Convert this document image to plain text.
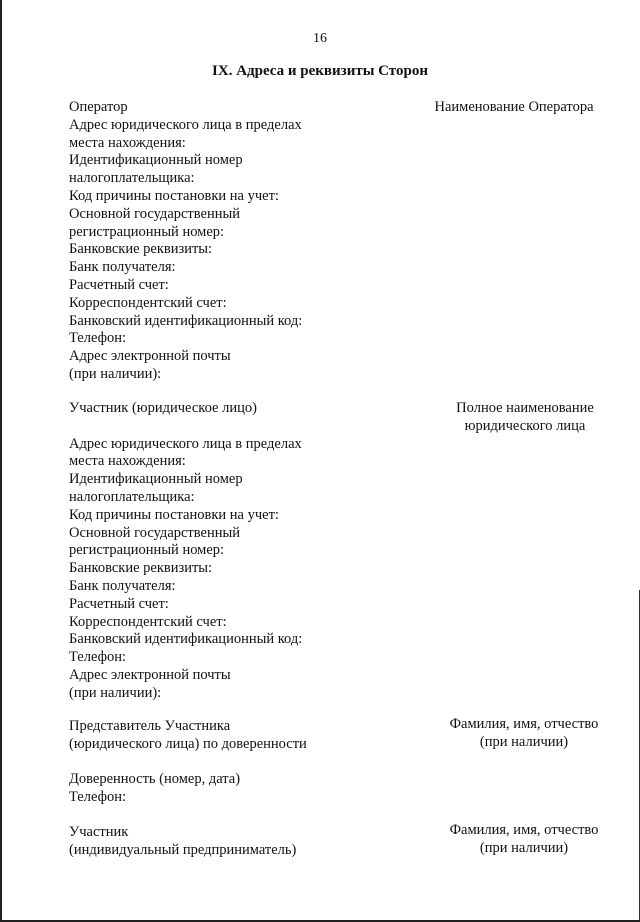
16
IX. Адреса и реквизиты Сторон
Оператор
Адрес юридического лица в пределах
места нахождения:
Идентификационный номер
налогоплательщика:
Код причины постановки на учет:
Основной государственный
регистрационный номер:
Банковские реквизиты:
Банк получателя:
Расчетный счет:
Корреспондентский счет:
Банковский идентификационный код:
Телефон:
Адрес электронной почты
(при наличии):
Наименование Оператора
Участник (юридическое лицо)

Адрес юридического лица в пределах
места нахождения:
Идентификационный номер
налогоплательщика:
Код причины постановки на учет:
Основной государственный
регистрационный номер:
Банковские реквизиты:
Банк получателя:
Расчетный счет:
Корреспондентский счет:
Банковский идентификационный код:
Телефон:
Адрес электронной почты
(при наличии):
Полное наименование
юридического лица
Представитель Участника
(юридического лица) по доверенности
Фамилия, имя, отчество
(при наличии)
Доверенность (номер, дата)
Телефон:
Участник
(индивидуальный предприниматель)
Фамилия, имя, отчество
(при наличии)
